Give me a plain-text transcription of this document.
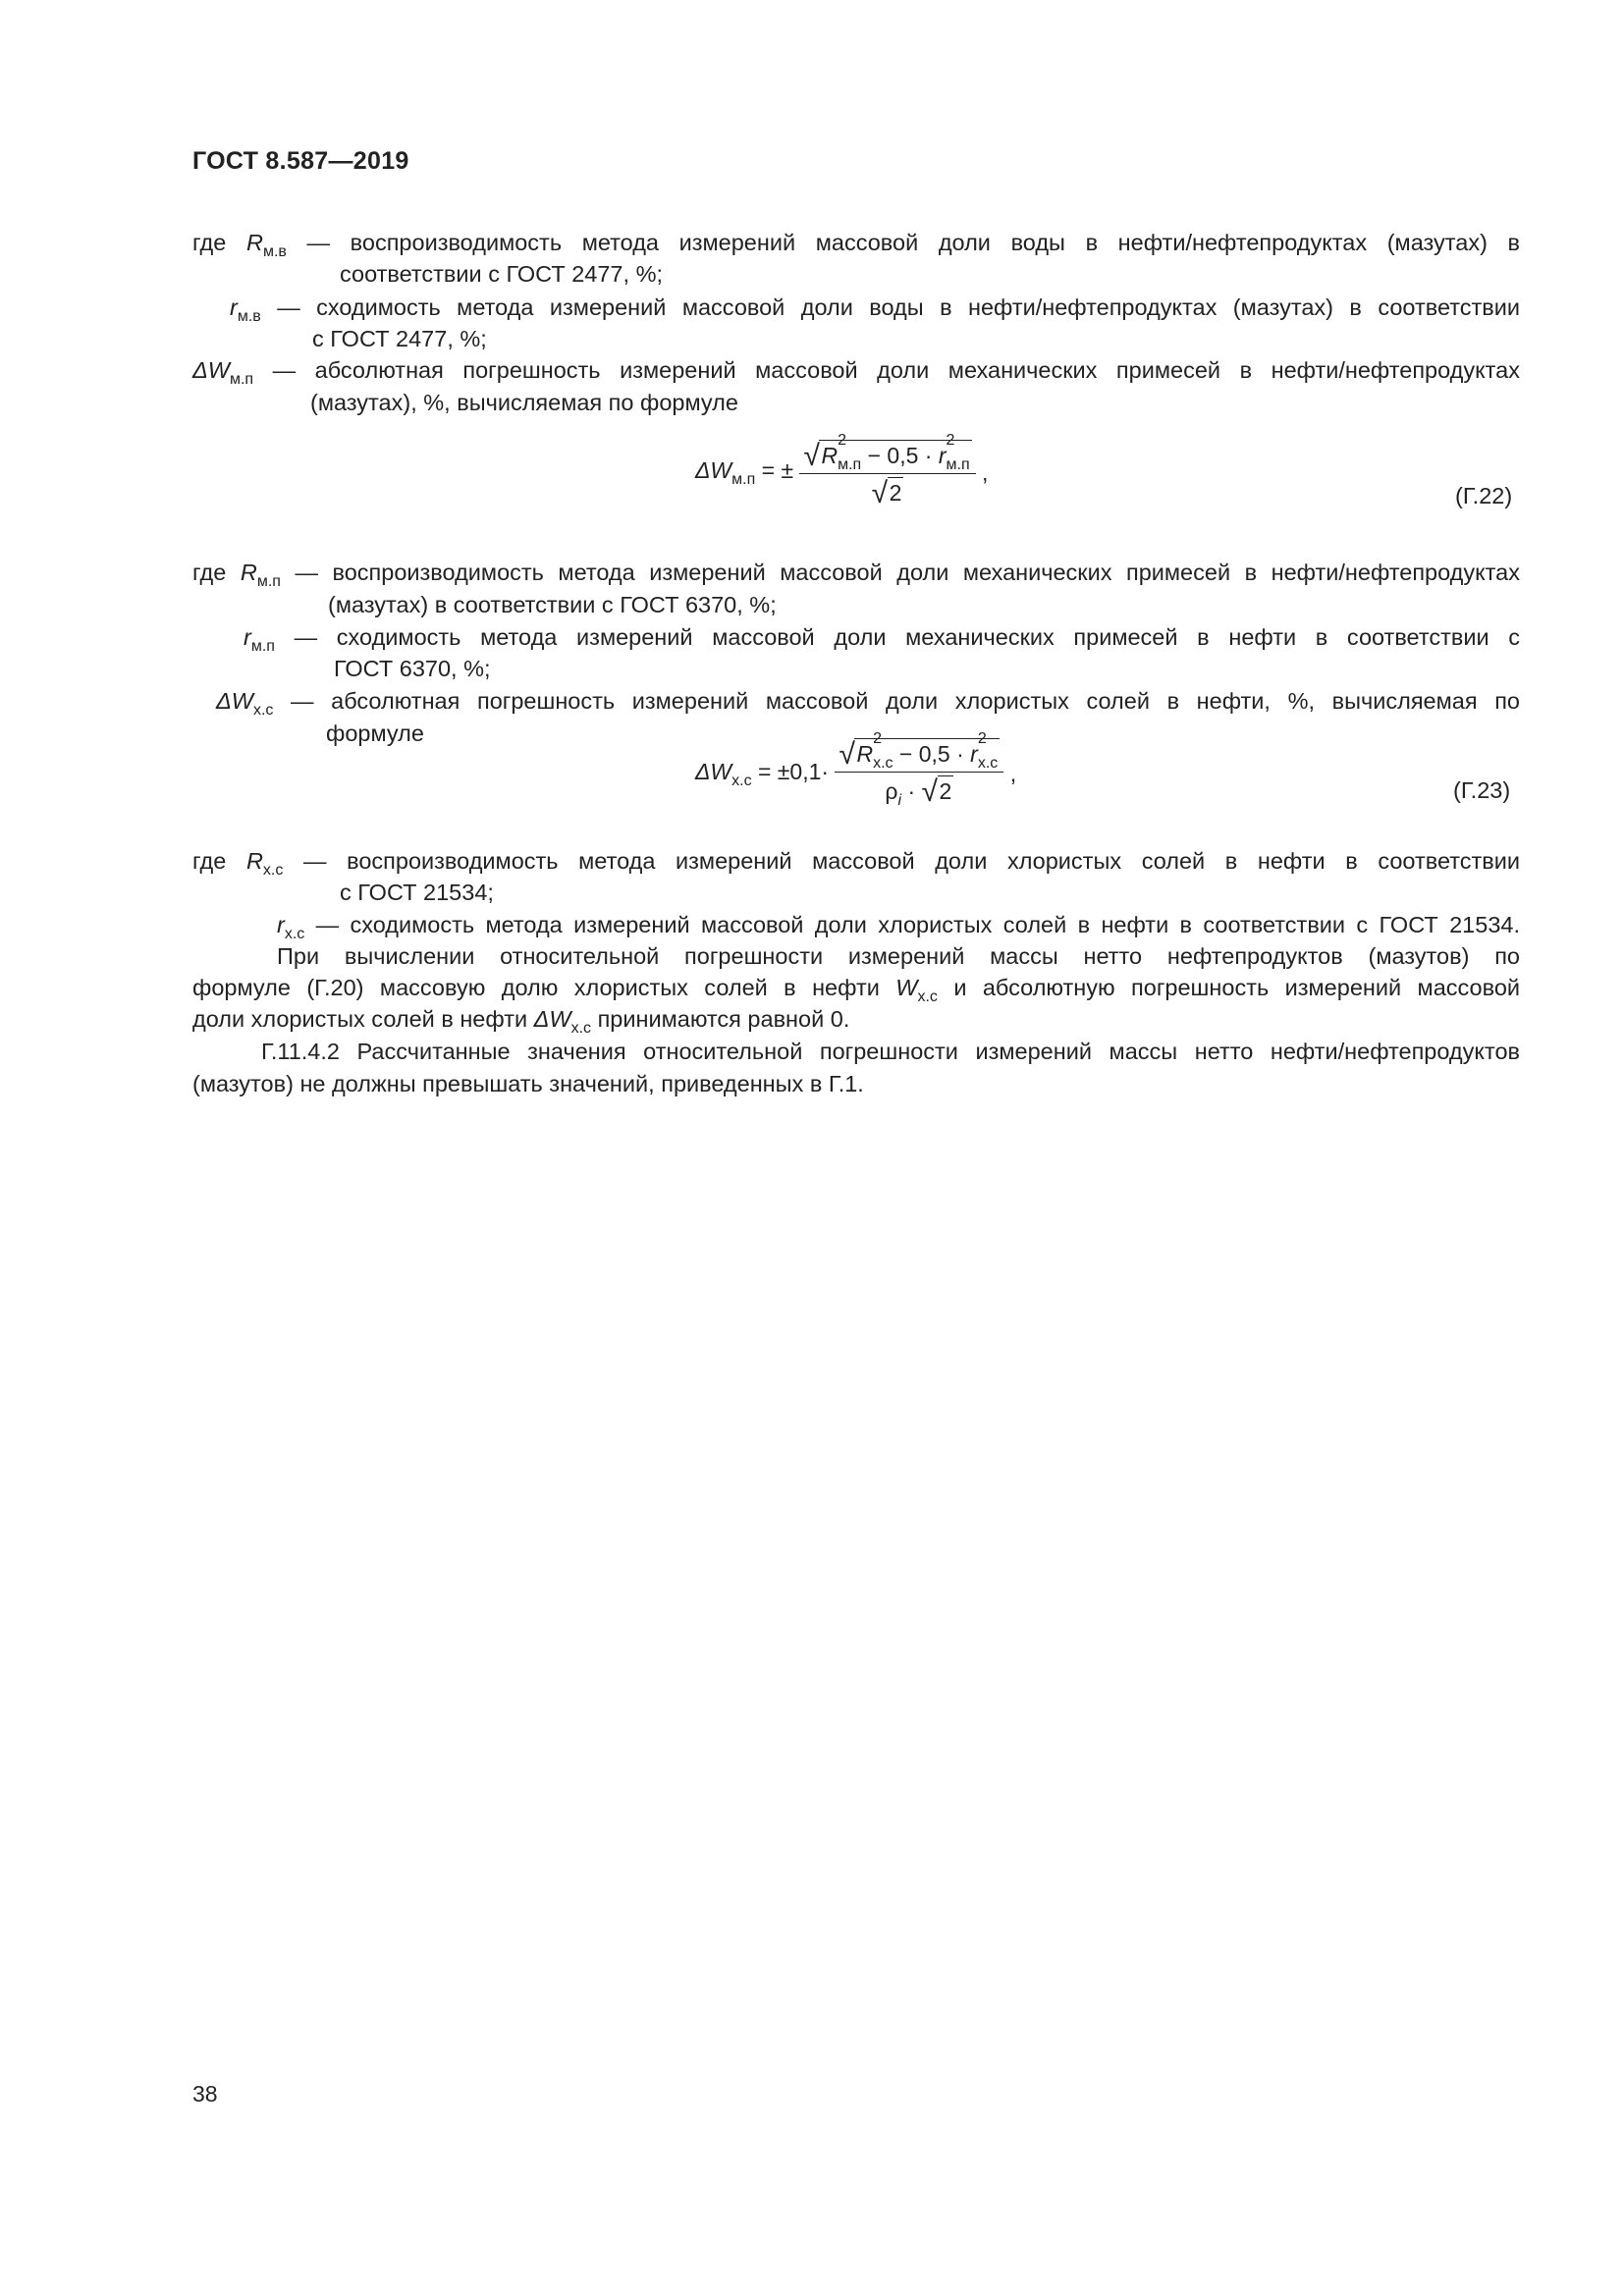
ГОСТ 8.587—2019
где $R_{м.в}$ — воспроизводимость метода измерений массовой доли воды в нефти/нефтепродуктах (мазутах) в
соответствии с ГОСТ 2477, %;
$r_{м.в}$ — сходимость метода измерений массовой доли воды в нефти/нефтепродуктах (мазутах) в соответствии
с ГОСТ 2477, %;
$\Delta W_{м.п}$ — абсолютная погрешность измерений массовой доли механических примесей в нефти/нефтепродуктах
(мазутах), %, вычисляемая по формуле
$\Delta W_{м.п}$ = ± √ R
2
$_{м.п}$ − 0,5 · r
2
$_{м.п}$
√ 2 ,
(Г.22)
где $R_{м.п}$ — воспроизводимость метода измерений массовой доли механических примесей в нефти/нефтепродуктах
(мазутах) в соответствии с ГОСТ 6370, %;
$r_{м.п}$ — сходимость метода измерений массовой доли механических примесей в нефти в соответствии с
ГОСТ 6370, %;
$\Delta W_{х.с}$ — абсолютная погрешность измерений массовой доли хлористых солей в нефти, %, вычисляемая по
формуле
$\Delta W_{х.с} = \pm 0,1\cdot$ √ R
2
$_{х.с}$ − 0,5 · r
2
$_{х.с}$
$\rho_i$ · √ 2 ,
(Г.23)
где $R_{х.с}$ — воспроизводимость метода измерений массовой доли хлористых солей в нефти в соответствии
с ГОСТ 21534;
$r_{х.с}$ — сходимость метода измерений массовой доли хлористых солей в нефти в соответствии с ГОСТ 21534.
При вычислении относительной погрешности измерений массы нетто нефтепродуктов (мазутов) по
формуле (Г.20) массовую долю хлористых солей в нефти $W_{х.с}$ и абсолютную погрешность измерений массовой
доли хлористых солей в нефти $\Delta W_{х.с}$ принимаются равной 0.
Г.11.4.2 Рассчитанные значения относительной погрешности измерений массы нетто нефти/нефтепродуктов
(мазутов) не должны превышать значений, приведенных в Г.1.
38
